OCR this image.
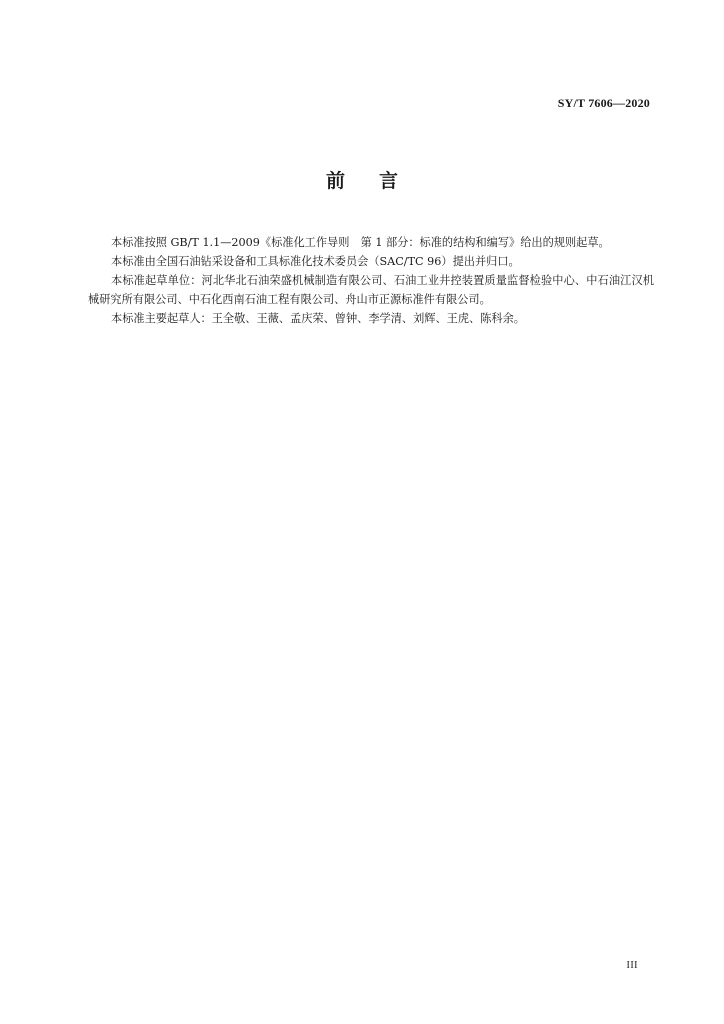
SY/T 7606—2020
前言

本标准按照 GB/T 1.1—2009《标准化工作导则　第 1 部分：标准的结构和编写》给出的规则起草。

本标准由全国石油钻采设备和工具标准化技术委员会（SAC/TC 96）提出并归口。

本标准起草单位：河北华北石油荣盛机械制造有限公司、石油工业井控装置质量监督检验中心、中石油江汉机械研究所有限公司、中石化西南石油工程有限公司、舟山市正源标准件有限公司。

本标准主要起草人：王全敬、王薇、孟庆荣、曾钟、李学清、刘辉、王虎、陈科余。

III
